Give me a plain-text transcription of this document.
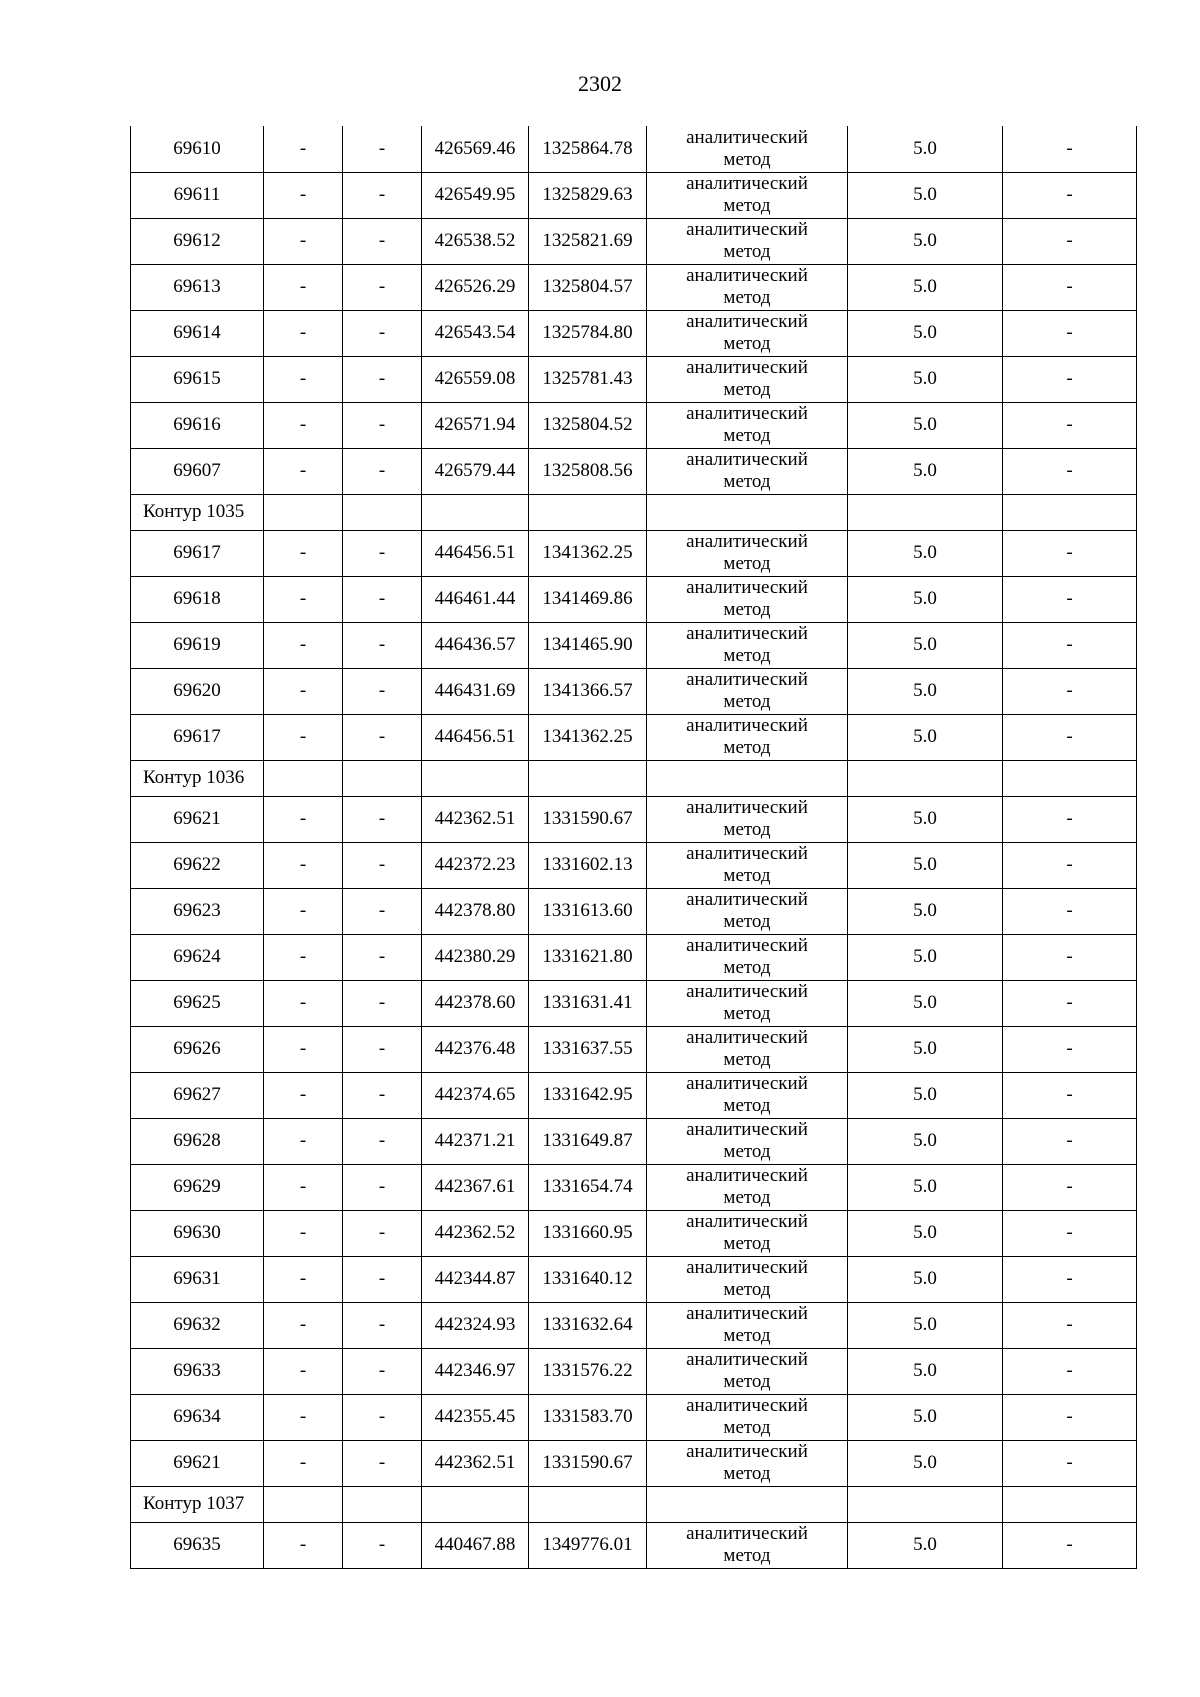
2302
69610	-	-	426569.46	1325864.78	аналитический
метод	5.0	-
69611	-	-	426549.95	1325829.63	аналитический
метод	5.0	-
69612	-	-	426538.52	1325821.69	аналитический
метод	5.0	-
69613	-	-	426526.29	1325804.57	аналитический
метод	5.0	-
69614	-	-	426543.54	1325784.80	аналитический
метод	5.0	-
69615	-	-	426559.08	1325781.43	аналитический
метод	5.0	-
69616	-	-	426571.94	1325804.52	аналитический
метод	5.0	-
69607	-	-	426579.44	1325808.56	аналитический
метод	5.0	-
Контур 1035							
69617	-	-	446456.51	1341362.25	аналитический
метод	5.0	-
69618	-	-	446461.44	1341469.86	аналитический
метод	5.0	-
69619	-	-	446436.57	1341465.90	аналитический
метод	5.0	-
69620	-	-	446431.69	1341366.57	аналитический
метод	5.0	-
69617	-	-	446456.51	1341362.25	аналитический
метод	5.0	-
Контур 1036							
69621	-	-	442362.51	1331590.67	аналитический
метод	5.0	-
69622	-	-	442372.23	1331602.13	аналитический
метод	5.0	-
69623	-	-	442378.80	1331613.60	аналитический
метод	5.0	-
69624	-	-	442380.29	1331621.80	аналитический
метод	5.0	-
69625	-	-	442378.60	1331631.41	аналитический
метод	5.0	-
69626	-	-	442376.48	1331637.55	аналитический
метод	5.0	-
69627	-	-	442374.65	1331642.95	аналитический
метод	5.0	-
69628	-	-	442371.21	1331649.87	аналитический
метод	5.0	-
69629	-	-	442367.61	1331654.74	аналитический
метод	5.0	-
69630	-	-	442362.52	1331660.95	аналитический
метод	5.0	-
69631	-	-	442344.87	1331640.12	аналитический
метод	5.0	-
69632	-	-	442324.93	1331632.64	аналитический
метод	5.0	-
69633	-	-	442346.97	1331576.22	аналитический
метод	5.0	-
69634	-	-	442355.45	1331583.70	аналитический
метод	5.0	-
69621	-	-	442362.51	1331590.67	аналитический
метод	5.0	-
Контур 1037							
69635	-	-	440467.88	1349776.01	аналитический
метод	5.0	-
